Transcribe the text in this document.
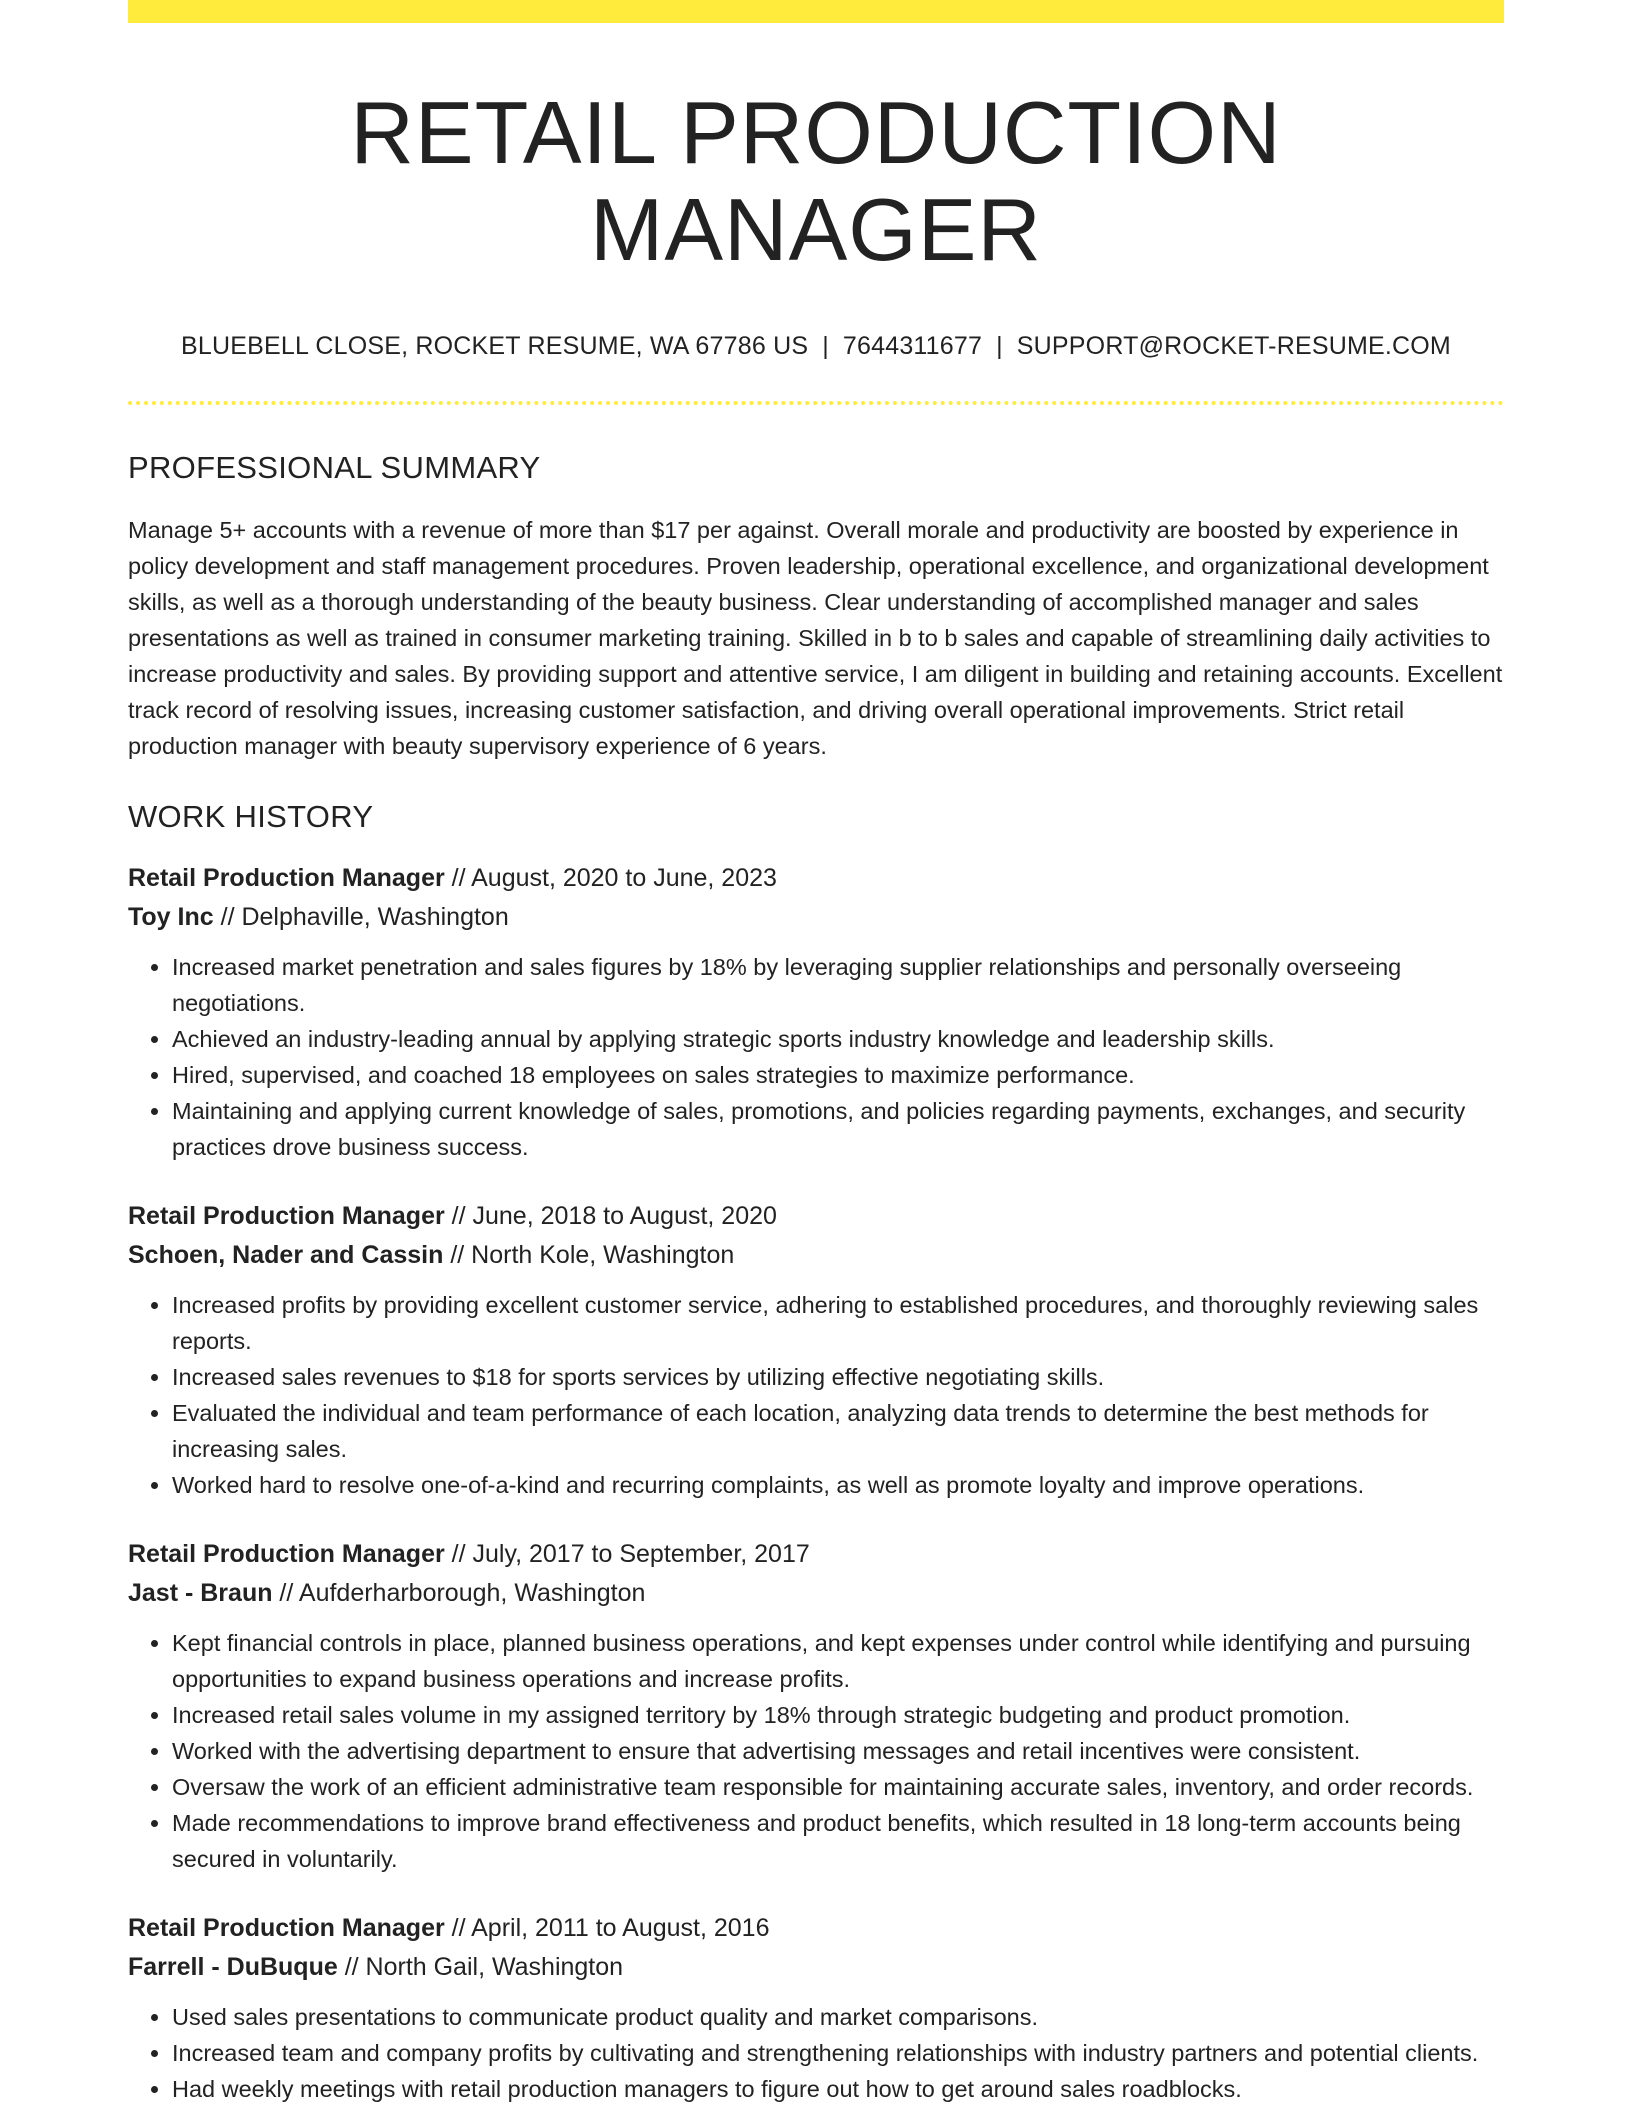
RETAIL PRODUCTION MANAGER
BLUEBELL CLOSE, ROCKET RESUME, WA 67786 US | 7644311677 | SUPPORT@ROCKET-RESUME.COM
PROFESSIONAL SUMMARY

Manage 5+ accounts with a revenue of more than $17 per against. Overall morale and productivity are boosted by experience in policy development and staff management procedures. Proven leadership, operational excellence, and organizational development skills, as well as a thorough understanding of the beauty business. Clear understanding of accomplished manager and sales presentations as well as trained in consumer marketing training. Skilled in b to b sales and capable of streamlining daily activities to increase productivity and sales. By providing support and attentive service, I am diligent in building and retaining accounts. Excellent track record of resolving issues, increasing customer satisfaction, and driving overall operational improvements. Strict retail production manager with beauty supervisory experience of 6 years.

WORK HISTORY
Retail Production Manager // August, 2020 to June, 2023
Toy Inc // Delphaville, Washington
• Increased market penetration and sales figures by 18% by leveraging supplier relationships and personally overseeing negotiations.
• Achieved an industry-leading annual by applying strategic sports industry knowledge and leadership skills.
• Hired, supervised, and coached 18 employees on sales strategies to maximize performance.
• Maintaining and applying current knowledge of sales, promotions, and policies regarding payments, exchanges, and security practices drove business success.
Retail Production Manager // June, 2018 to August, 2020
Schoen, Nader and Cassin // North Kole, Washington
• Increased profits by providing excellent customer service, adhering to established procedures, and thoroughly reviewing sales reports.
• Increased sales revenues to $18 for sports services by utilizing effective negotiating skills.
• Evaluated the individual and team performance of each location, analyzing data trends to determine the best methods for increasing sales.
• Worked hard to resolve one-of-a-kind and recurring complaints, as well as promote loyalty and improve operations.
Retail Production Manager // July, 2017 to September, 2017
Jast - Braun // Aufderharborough, Washington
• Kept financial controls in place, planned business operations, and kept expenses under control while identifying and pursuing opportunities to expand business operations and increase profits.
• Increased retail sales volume in my assigned territory by 18% through strategic budgeting and product promotion.
• Worked with the advertising department to ensure that advertising messages and retail incentives were consistent.
• Oversaw the work of an efficient administrative team responsible for maintaining accurate sales, inventory, and order records.
• Made recommendations to improve brand effectiveness and product benefits, which resulted in 18 long-term accounts being secured in voluntarily.
Retail Production Manager // April, 2011 to August, 2016
Farrell - DuBuque // North Gail, Washington
• Used sales presentations to communicate product quality and market comparisons.
• Increased team and company profits by cultivating and strengthening relationships with industry partners and potential clients.
• Had weekly meetings with retail production managers to figure out how to get around sales roadblocks.
